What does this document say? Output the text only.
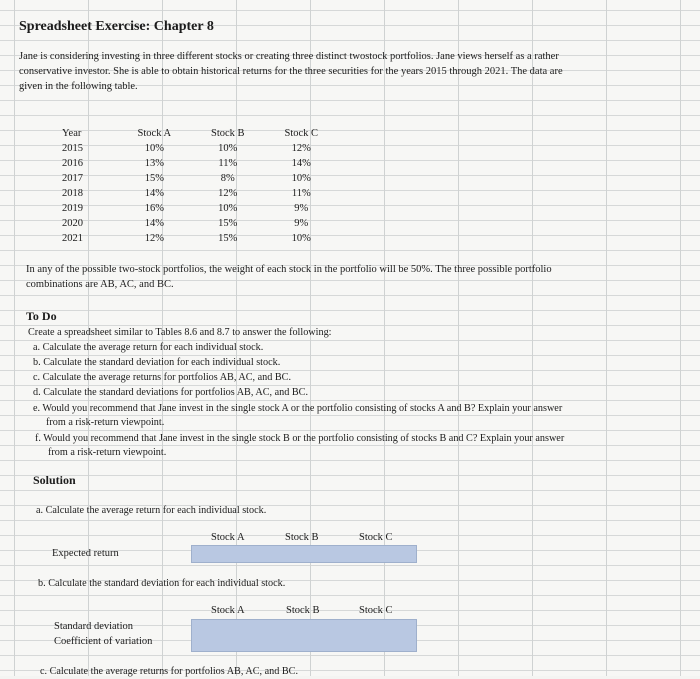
Spreadsheet Exercise: Chapter 8
Jane is considering investing in three different stocks or creating three distinct twostock portfolios. Jane views herself as a rather
conservative investor. She is able to obtain historical returns for the three securities for the years 2015 through 2021. The data are
given in the following table.
Year	Stock A	Stock B	Stock C
2015	10%	10%	12%
2016	13%	11%	14%
2017	15%	8%	10%
2018	14%	12%	11%
2019	16%	10%	9%
2020	14%	15%	9%
2021	12%	15%	10%
In any of the possible two-stock portfolios, the weight of each stock in the portfolio will be 50%. The three possible portfolio
combinations are AB, AC, and BC.
To Do
Create a spreadsheet similar to Tables 8.6 and 8.7 to answer the following:
a. Calculate the average return for each individual stock.
b. Calculate the standard deviation for each individual stock.
c. Calculate the average returns for portfolios AB, AC, and BC.
d. Calculate the standard deviations for portfolios AB, AC, and BC.
e. Would you recommend that Jane invest in the single stock A or the portfolio consisting of stocks A and B? Explain your answer
from a risk-return viewpoint.
f. Would you recommend that Jane invest in the single stock B or the portfolio consisting of stocks B and C? Explain your answer
from a risk-return viewpoint.
Solution
a. Calculate the average return for each individual stock.
Stock A	Stock B	Stock C
Expected return
b. Calculate the standard deviation for each individual stock.
Stock A	Stock B	Stock C
Standard deviation
Coefficient of variation
c. Calculate the average returns for portfolios AB, AC, and BC.
